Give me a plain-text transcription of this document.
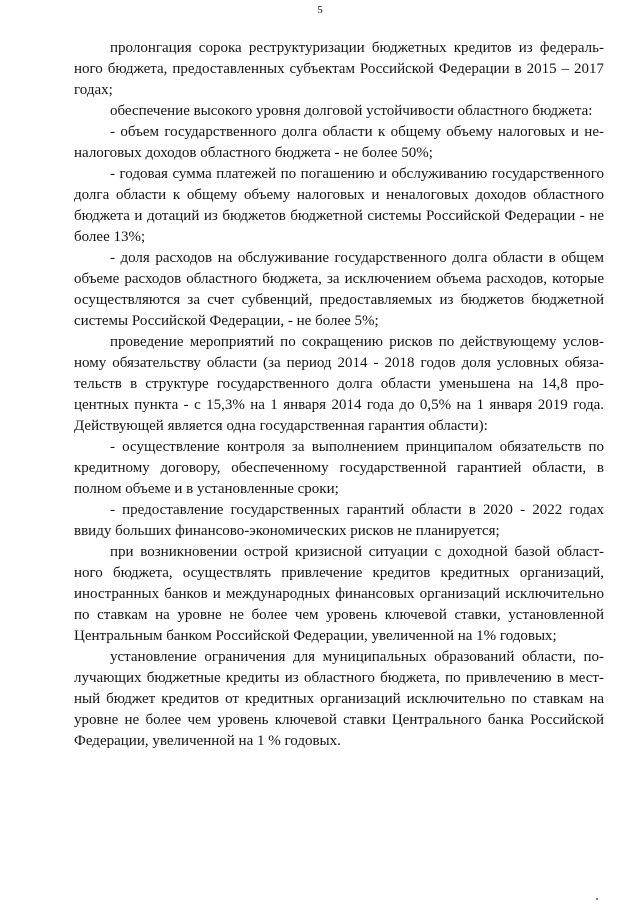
5

пролонгация сорока реструктуризации бюджетных кредитов из федерального бюджета, предоставленных субъектам Российской Федерации в 2015 – 2017 годах;

обеспечение высокого уровня долговой устойчивости областного бюджета:

- объем государственного долга области к общему объему налоговых и неналоговых доходов областного бюджета - не более 50%;

- годовая сумма платежей по погашению и обслуживанию государственного долга области к общему объему налоговых и неналоговых доходов областного бюджета и дотаций из бюджетов бюджетной системы Российской Федерации - не более 13%;

- доля расходов на обслуживание государственного долга области в общем объеме расходов областного бюджета, за исключением объема расходов, которые осуществляются за счет субвенций, предоставляемых из бюджетов бюджетной системы Российской Федерации, - не более 5%;

проведение мероприятий по сокращению рисков по действующему условному обязательству области (за период 2014 - 2018 годов доля условных обязательств в структуре государственного долга области уменьшена на 14,8 процентных пункта - с 15,3% на 1 января 2014 года до 0,5% на 1 января 2019 года. Действующей является одна государственная гарантия области):

- осуществление контроля за выполнением принципалом обязательств по кредитному договору, обеспеченному государственной гарантией области, в полном объеме и в установленные сроки;

- предоставление государственных гарантий области в 2020 - 2022 годах ввиду больших финансово-экономических рисков не планируется;

при возникновении острой кризисной ситуации с доходной базой областного бюджета, осуществлять привлечение кредитов кредитных организаций, иностранных банков и международных финансовых организаций исключительно по ставкам на уровне не более чем уровень ключевой ставки, установленной Центральным банком Российской Федерации, увеличенной на 1% годовых;

установление ограничения для муниципальных образований области, получающих бюджетные кредиты из областного бюджета, по привлечению в местный бюджет кредитов от кредитных организаций исключительно по ставкам на уровне не более чем уровень ключевой ставки Центрального банка Российской Федерации, увеличенной на 1 % годовых.
